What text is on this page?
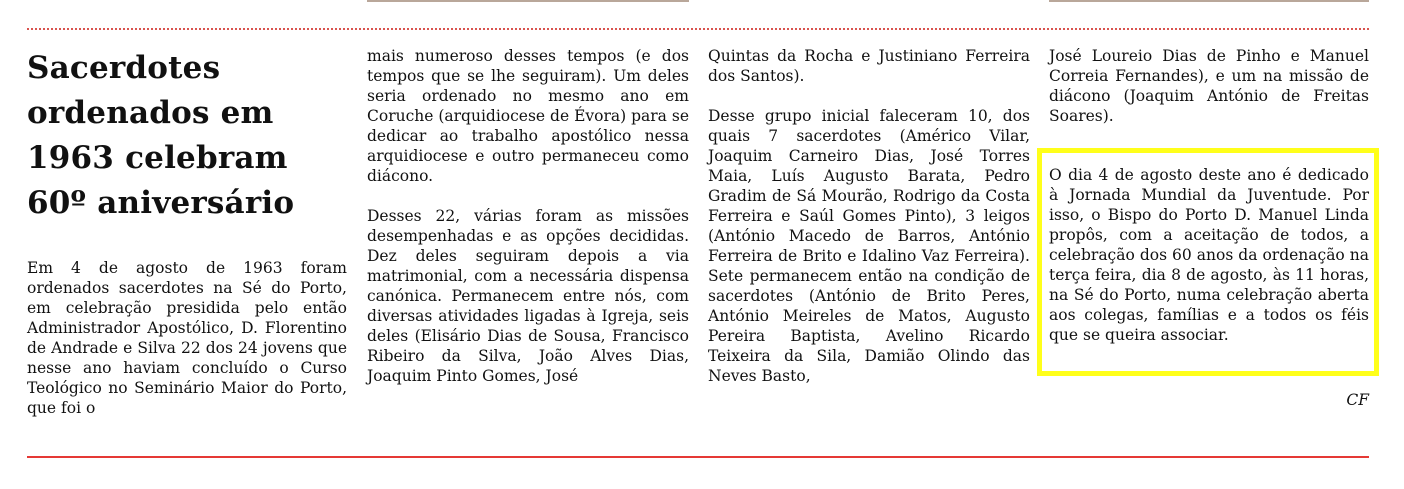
Sacerdotes ordenados em 1963 celebram 60º aniversário

Em 4 de agosto de 1963 foram ordenados sacerdotes na Sé do Porto, em celebração presidida pelo então Administrador Apostólico, D. Florentino de Andrade e Silva 22 dos 24 jovens que nesse ano haviam concluído o Curso Teológico no Seminário Maior do Porto, que foi o

mais numeroso desses tempos (e dos tempos que se lhe seguiram). Um deles seria ordenado no mesmo ano em Coruche (arquidiocese de Évora) para se dedicar ao trabalho apostólico nessa arquidiocese e outro permaneceu como diácono.

Desses 22, várias foram as missões desempenhadas e as opções decididas. Dez deles seguiram depois a via matrimonial, com a necessária dispensa canónica. Permanecem entre nós, com diversas atividades ligadas à Igreja, seis deles (Elisário Dias de Sousa, Francisco Ribeiro da Silva, João Alves Dias, Joaquim Pinto Gomes, José

Quintas da Rocha e Justiniano Ferreira dos Santos).

Desse grupo inicial faleceram 10, dos quais 7 sacerdotes (Américo Vilar, Joaquim Carneiro Dias, José Torres Maia, Luís Augusto Barata, Pedro Gradim de Sá Mourão, Rodrigo da Costa Ferreira e Saúl Gomes Pinto), 3 leigos (António Macedo de Barros, António Ferreira de Brito e Idalino Vaz Ferreira). Sete permanecem então na condição de sacerdotes (António de Brito Peres, António Meireles de Matos, Augusto Pereira Baptista, Avelino Ricardo Teixeira da Sila, Damião Olindo das Neves Basto,

José Loureio Dias de Pinho e Manuel Correia Fernandes), e um na missão de diácono (Joaquim António de Freitas Soares).

O dia 4 de agosto deste ano é dedicado à Jornada Mundial da Juventude. Por isso, o Bispo do Porto D. Manuel Linda propôs, com a aceitação de todos, a celebração dos 60 anos da ordenação na terça feira, dia 8 de agosto, às 11 horas, na Sé do Porto, numa celebração aberta aos colegas, famílias e a todos os féis que se queira associar.

CF
